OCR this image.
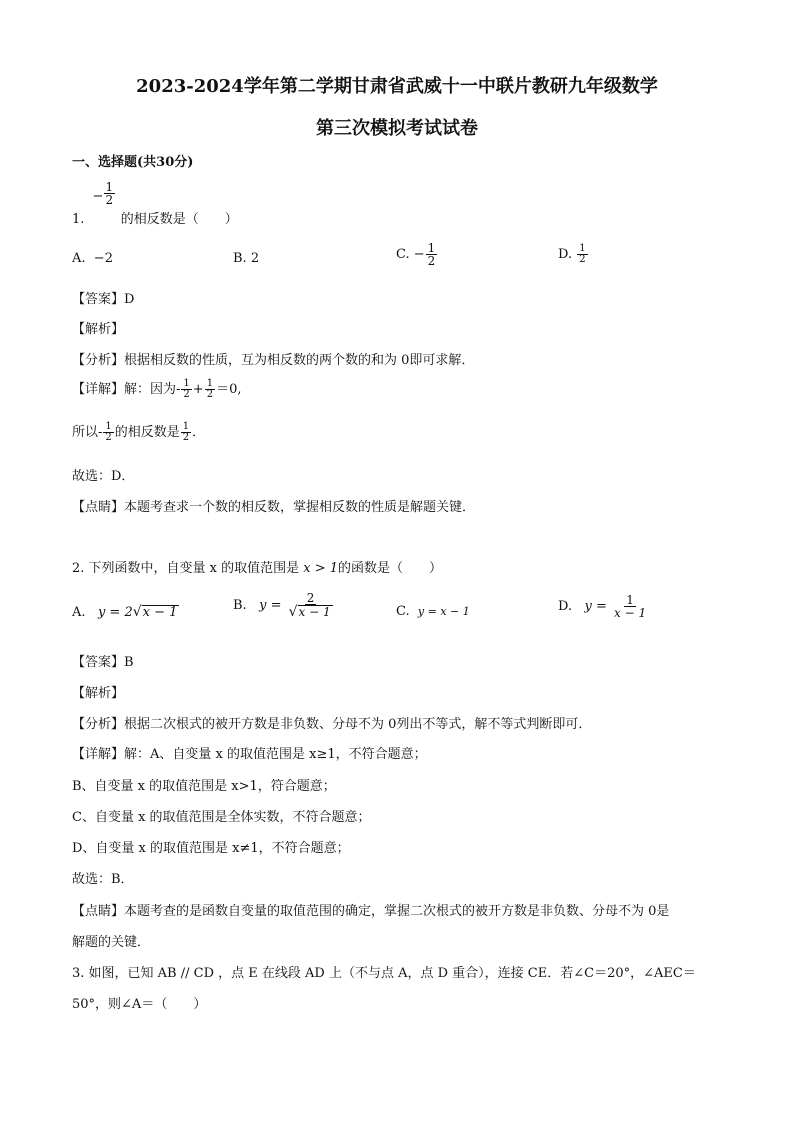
2023-2024学年第二学期甘肃省武威十一中联片教研九年级数学
第三次模拟考试试卷
一、选择题(共30分)
1.
− $\frac{1}{2}$
的相反数是（　　）
A. −2	B. 2	C. − $\frac{1}{2}$	D. $\frac{1}{2}$
【答案】D
【解析】
【分析】根据相反数的性质，互为相反数的两个数的和为 0即可求解．
【详解】解：因为- $\frac{1}{2} + \frac{1}{2} =0$,
所以- $\frac{1}{2}$ 的相反数是 $\frac{1}{2}$ ．
故选：D．
【点睛】本题考查求一个数的相反数，掌握相反数的性质是解题关键．
2. 下列函数中，自变量 x 的取值范围是 x > 1的函数是（　　）
A. y = 2√x − 1	B. $y = \frac{2}{√x - 1}$	C. y = x − 1	D. $y = \frac{1}{x - 1}$
【答案】B
【解析】
【分析】根据二次根式的被开方数是非负数、分母不为 0列出不等式，解不等式判断即可．
【详解】解：A、自变量 x 的取值范围是 x≥1，不符合题意；
B、自变量 x 的取值范围是 x>1，符合题意；
C、自变量 x 的取值范围是全体实数，不符合题意；
D、自变量 x 的取值范围是 x≠1，不符合题意；
故选：B．
【点睛】本题考查的是函数自变量的取值范围的确定，掌握二次根式的被开方数是非负数、分母不为 0是
解题的关键．
3. 如图，已知 AB // CD ，点 E 在线段 AD 上（不与点 A，点 D 重合），连接 CE．若∠C＝20°，∠AEC＝
50°，则∠A＝（　　）
